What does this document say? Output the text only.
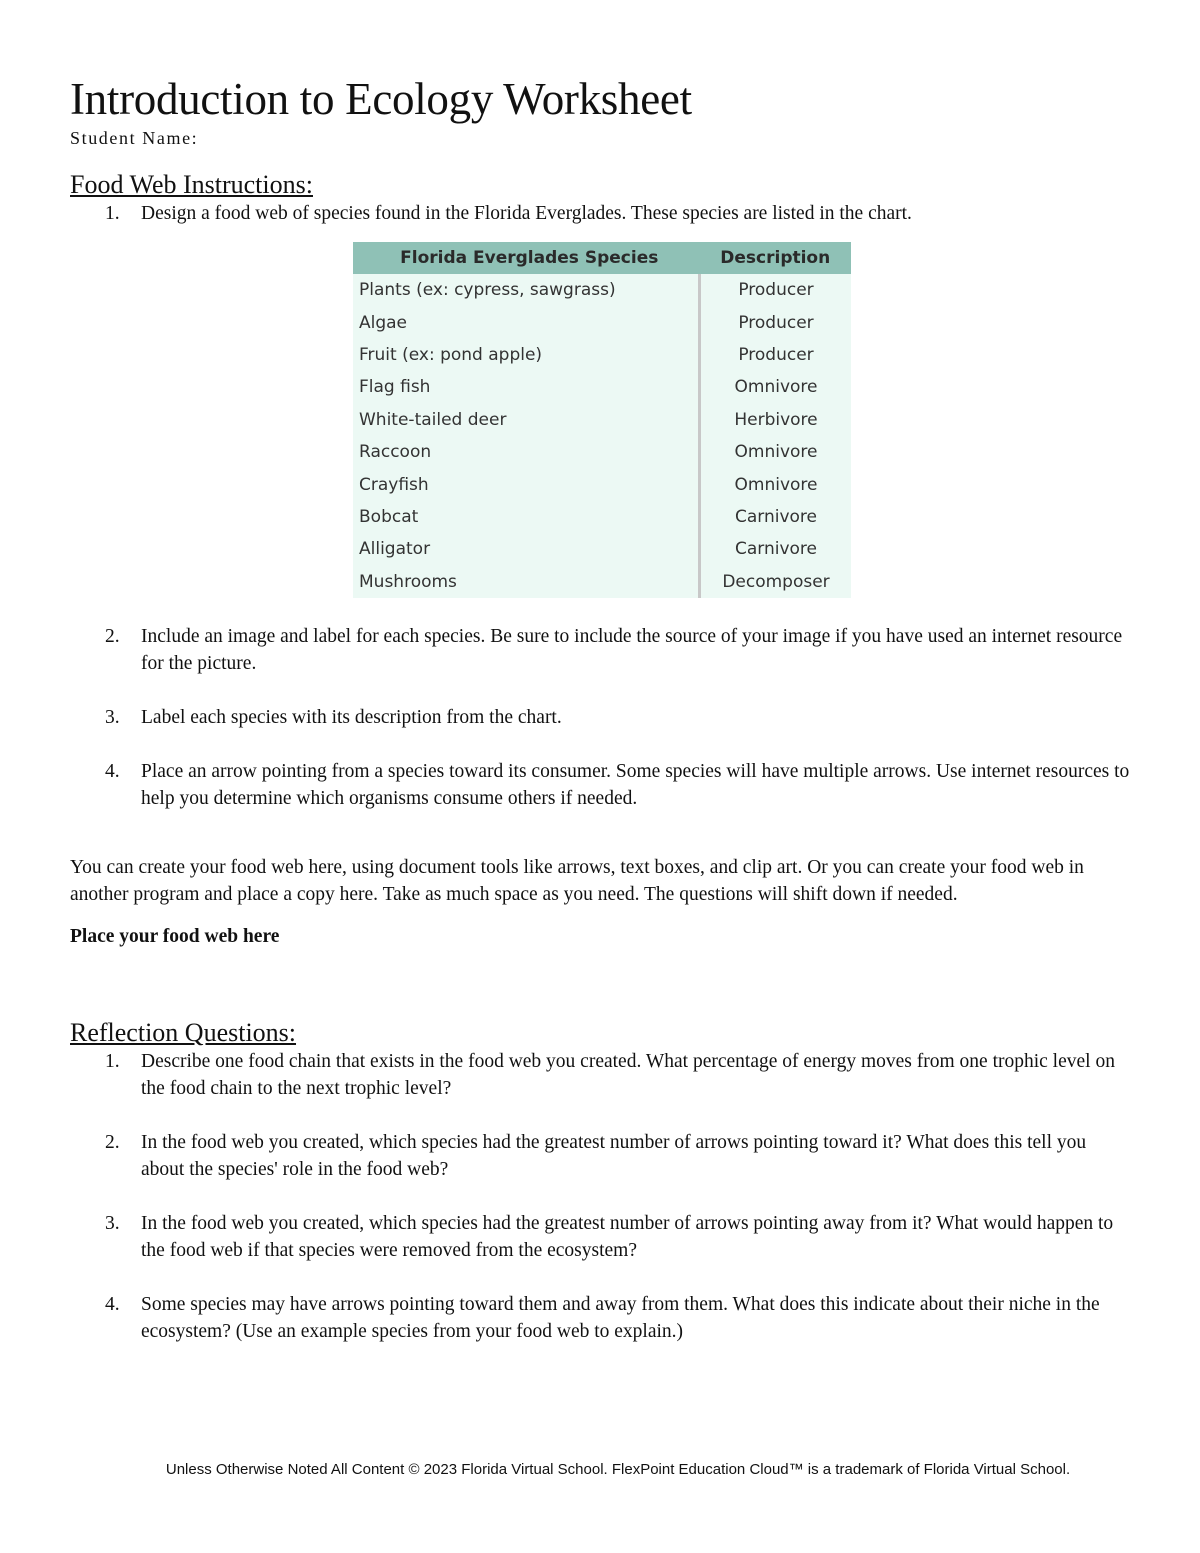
Introduction to Ecology Worksheet
Student Name:
Food Web Instructions:
1. Design a food web of species found in the Florida Everglades. These species are listed in the chart.
Florida Everglades Species	Description
Plants (ex: cypress, sawgrass)	Producer
Algae	Producer
Fruit (ex: pond apple)	Producer
Flag fish	Omnivore
White-tailed deer	Herbivore
Raccoon	Omnivore
Crayfish	Omnivore
Bobcat	Carnivore
Alligator	Carnivore
Mushrooms	Decomposer
2. Include an image and label for each species. Be sure to include the source of your image if you have used an internet resource for the picture.
3. Label each species with its description from the chart.
4. Place an arrow pointing from a species toward its consumer. Some species will have multiple arrows. Use internet resources to help you determine which organisms consume others if needed.

You can create your food web here, using document tools like arrows, text boxes, and clip art. Or you can create your food web in another program and place a copy here. Take as much space as you need. The questions will shift down if needed.

Place your food web here

Reflection Questions:
1. Describe one food chain that exists in the food web you created. What percentage of energy moves from one trophic level on the food chain to the next trophic level?
2. In the food web you created, which species had the greatest number of arrows pointing toward it? What does this tell you about the species' role in the food web?
3. In the food web you created, which species had the greatest number of arrows pointing away from it? What would happen to the food web if that species were removed from the ecosystem?
4. Some species may have arrows pointing toward them and away from them. What does this indicate about their niche in the ecosystem? (Use an example species from your food web to explain.)
Unless Otherwise Noted All Content © 2023 Florida Virtual School. FlexPoint Education Cloud™ is a trademark of Florida Virtual School.
